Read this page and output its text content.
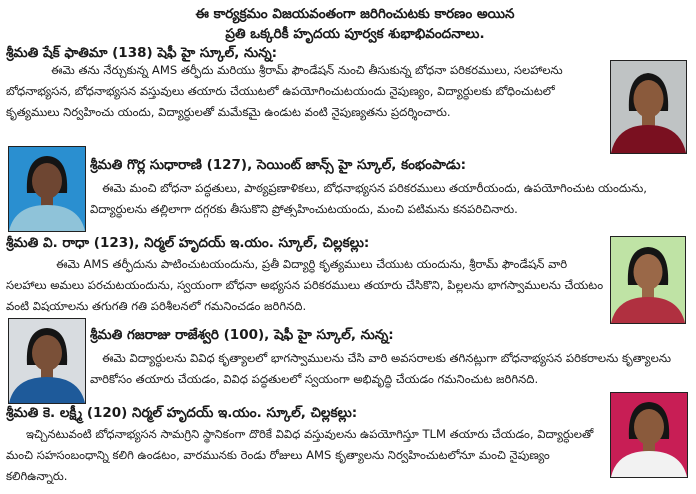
ఈ కార్యక్రమం విజయవంతంగా జరిగించుటకు కారణం అయిన
ప్రతి ఒక్కరికీ హృదయ పూర్వక శుభాభివందనాలు.
శ్రీమతి షేక్ ఫాతిమా (138) షెఫీ హై స్కూల్, నున్న:
ఈమె తను నేర్చుకున్న AMS తర్ఫీదు మరియు శ్రీరామ్ ఫౌండేషన్ నుంచి తీసుకున్న బోధనా పరికరములు, సలహాలను బోధనాభ్యసన, బోధనాభ్యసన వస్తువులు తయారు చేయుటలో ఉపయోగించుటయందు నైపుణ్యం, విద్యార్ధులకు బోధించుటలో కృత్యములు నిర్వహించు యందు, విద్యార్ధులతో మమేకమై ఉండుట వంటి నైపుణ్యతను ప్రదర్శించారు.
శ్రీమతి గొర్ల సుధారాణి (127), సెయింట్ జాన్స్ హై స్కూల్, కంభంపాడు:
ఈమె మంచి బోధనా పద్ధతులు, పాఠ్యప్రణాళికలు, బోధనాభ్యసన పరికరములు తయారీయందు, ఉపయోగించుట యందును, విద్యార్ధులను తల్లిలాగా దగ్గరకు తీసుకొని ప్రోత్సహించుటయందు, మంచి పటిమను కనపరిచినారు.
శ్రీమతి వి. రాధా (123), నిర్మల్ హృదయ్ ఇ.యం. స్కూల్, చిల్లకల్లు:
ఈమె AMS తర్ఫీదును పాటించుటయందును, ప్రతీ విద్యార్ధి కృత్యములు చేయుట యందును, శ్రీరామ్ ఫౌండేషన్ వారి సలహాలు అమలు పరచుటయందును, స్వయంగా బోధనా అభ్యసన పరికరములు తయారు చేసికొని, పిల్లలను భాగస్వాములను చేయటం వంటి విషయాలను తగుగతి గతి పరిశీలనలో గమనించడం జరిగినది.
శ్రీమతి గజరాజు రాజేశ్వరి (100), షెఫీ హై స్కూల్, నున్న:
ఈమె విద్యార్ధులను వివిధ కృత్యాలలో భాగస్వాములను చేసి వారి అవసరాలకు తగినట్లుగా బోధనాభ్యసన పరికరాలను కృత్యాలను వారికోసం తయారు చేయడం, వివిధ పద్ధతులలో స్వయంగా అభివృద్ధి చేయడం గమనించుట జరిగినది.
శ్రీమతి కె. లక్ష్మీ (120) నిర్మల్ హృదయ్ ఇ.యం. స్కూల్, చిల్లకల్లు:
ఇచ్చినటువంటి బోధనాభ్యసన సామగ్రిని స్థానికంగా దొరికే వివిధ వస్తువులను ఉపయోగిస్తూ TLM తయారు చేయడం, విద్యార్ధులతో మంచి సహసంబంధాన్ని కలిగి ఉండటం, వారమునకు రెండు రోజులు AMS కృత్యాలను నిర్వహించుటలోనూ మంచి నైపుణ్యం కలిగిఉన్నారు.
